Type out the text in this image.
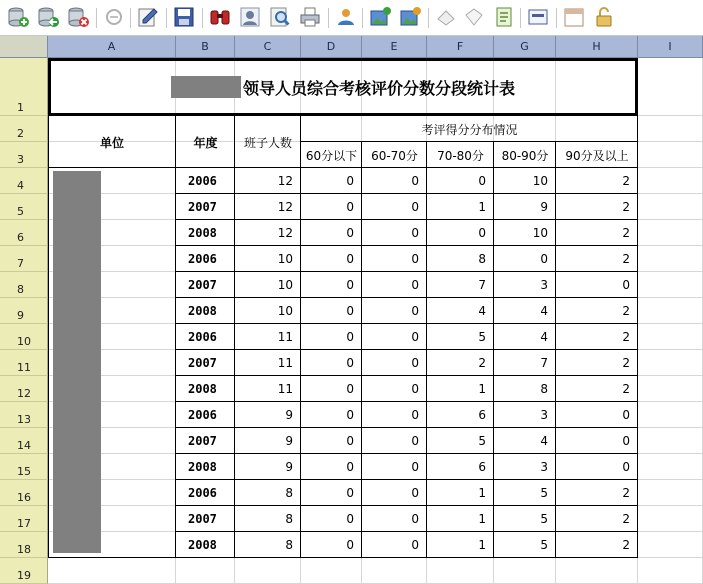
A	B	C	D	E	F	G	H	I
1
2
3
4
5
6
7
8
9
10
11
12
13
14
15
16
17
18
19
领导人员综合考核评价分数分段统计表
单位	年度	班子人数
考评得分分布情况
60分以下	60-70分	70-80分	80-90分	90分及以上
2006	12	0	0	0	10	2
2007	12	0	0	1	9	2
2008	12	0	0	0	10	2
2006	10	0	0	8	0	2
2007	10	0	0	7	3	0
2008	10	0	0	4	4	2
2006	11	0	0	5	4	2
2007	11	0	0	2	7	2
2008	11	0	0	1	8	2
2006	9	0	0	6	3	0
2007	9	0	0	5	4	0
2008	9	0	0	6	3	0
2006	8	0	0	1	5	2
2007	8	0	0	1	5	2
2008	8	0	0	1	5	2
